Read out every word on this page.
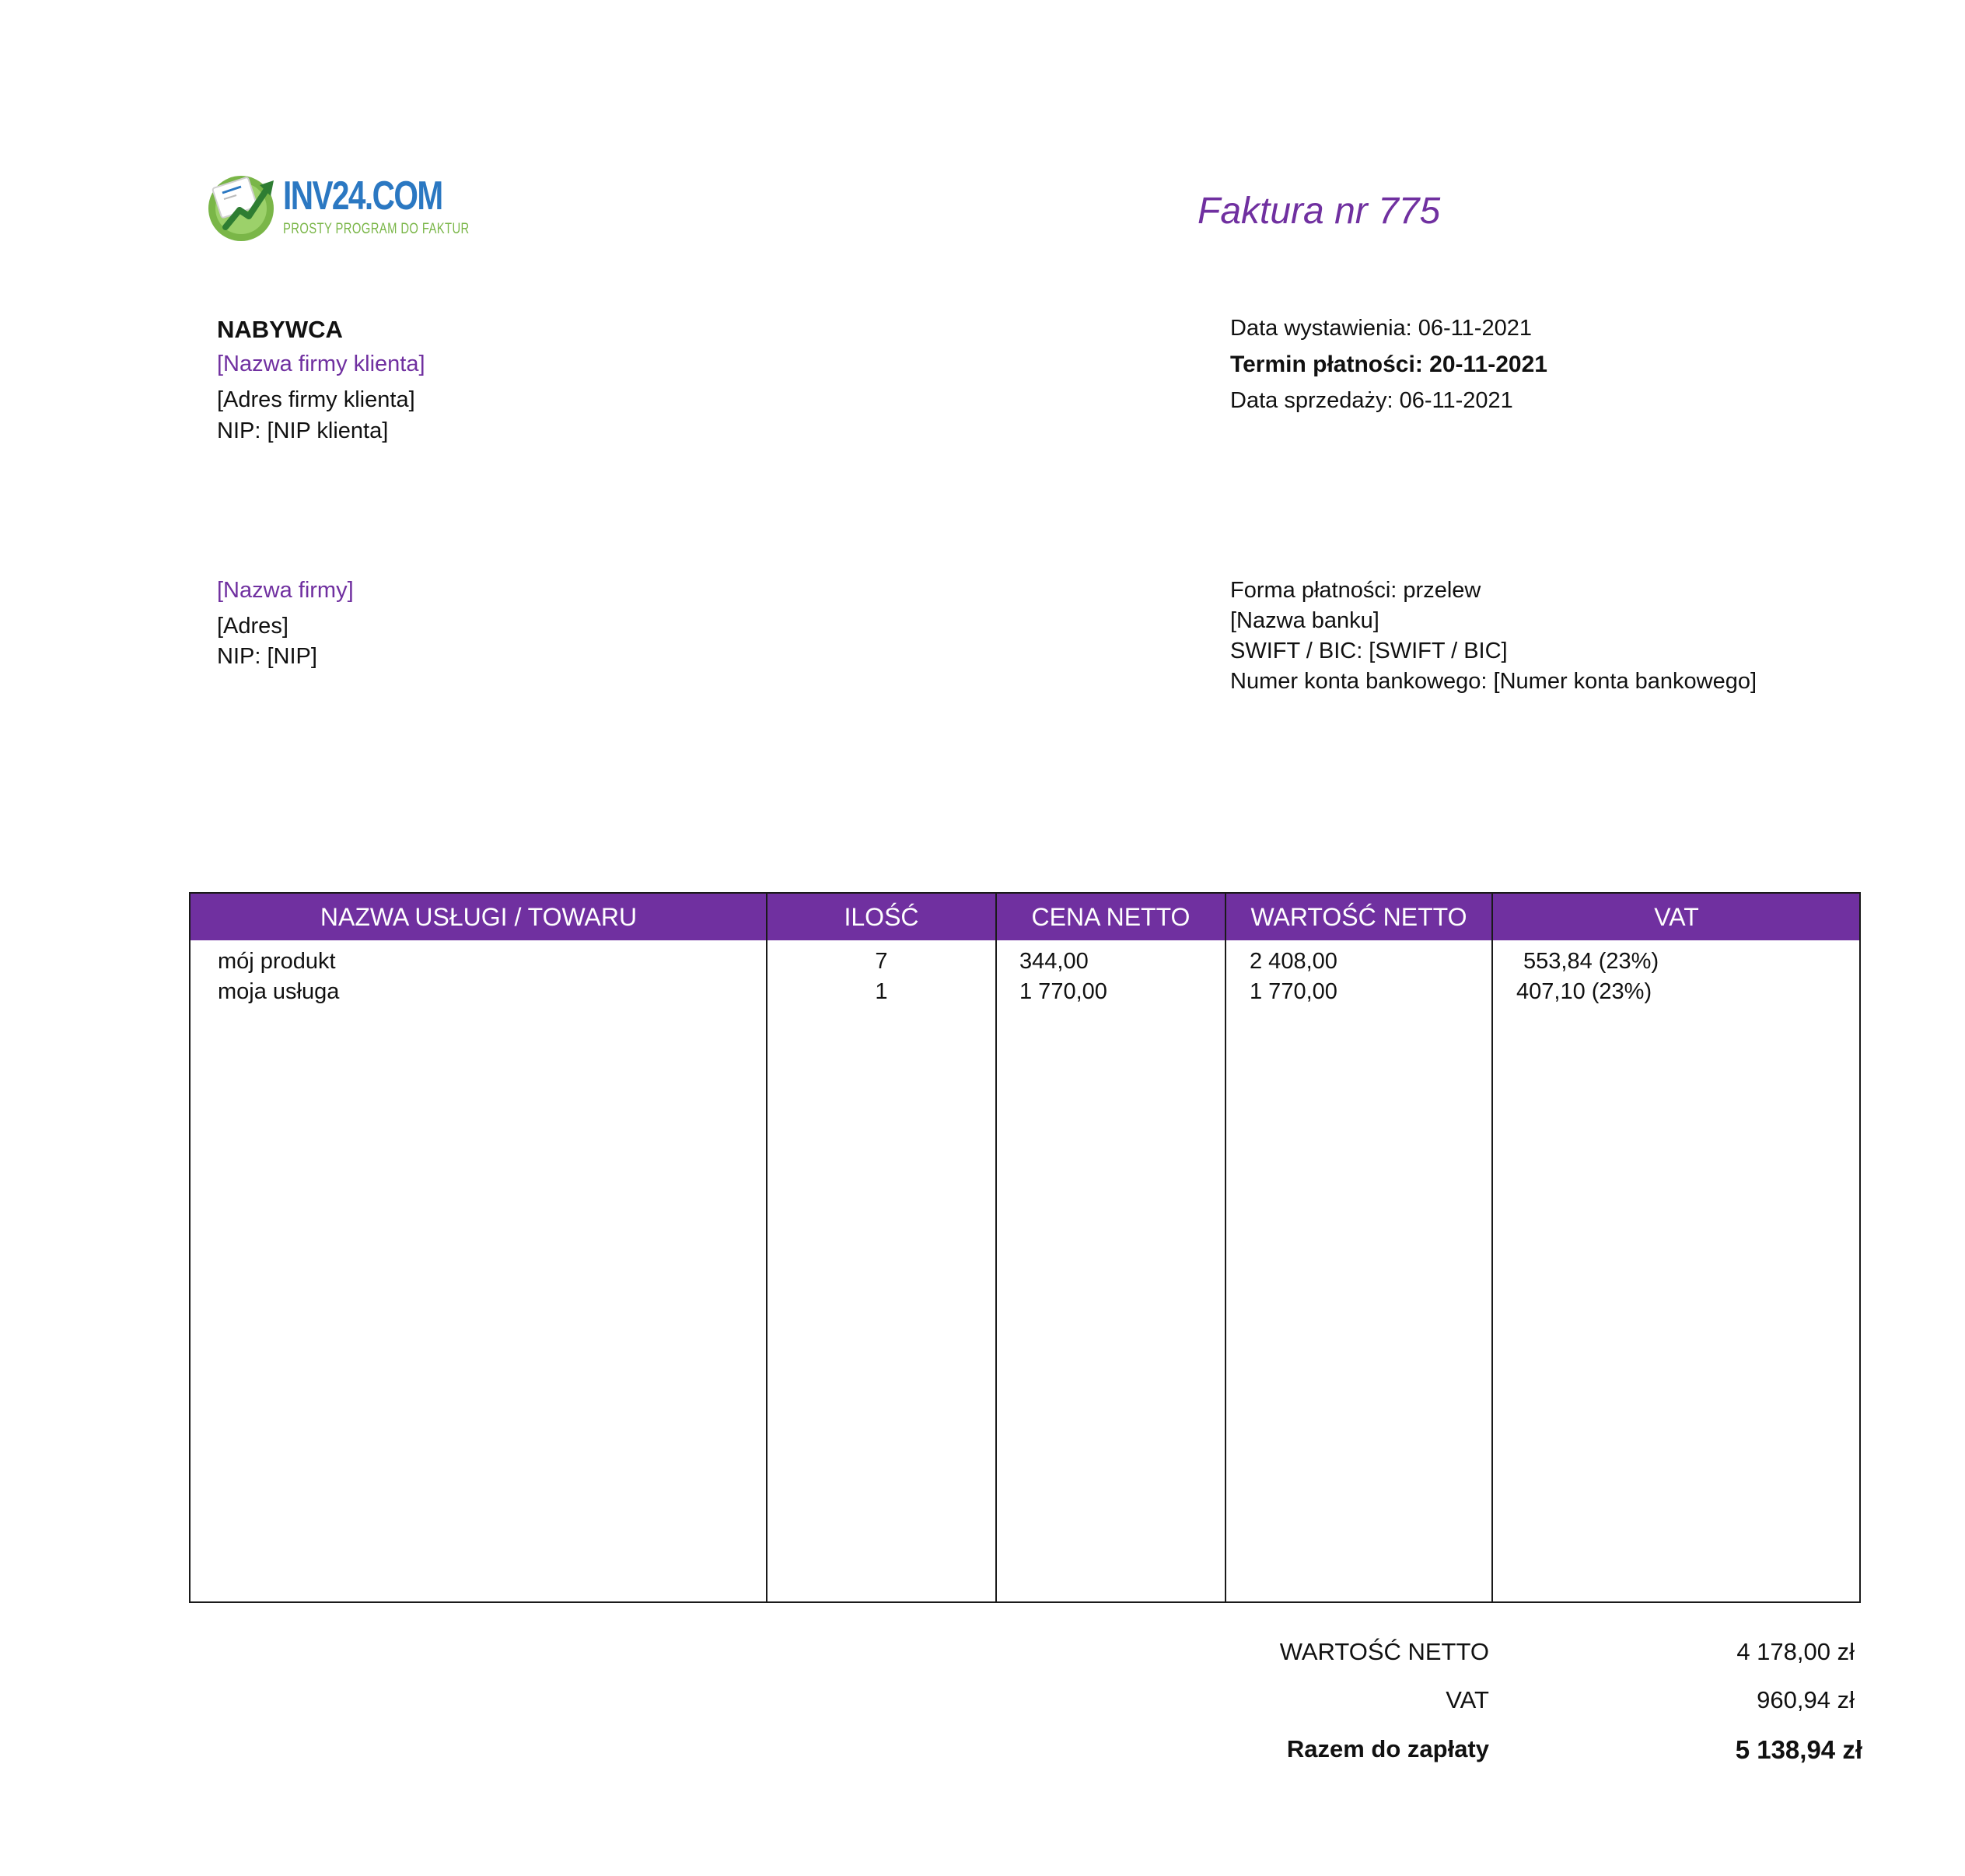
INV24.COM
PROSTY PROGRAM DO FAKTUR	Faktura nr 775
NABYWCA
[Nazwa firmy klienta]
[Adres firmy klienta]
NIP: [NIP klienta]
Data wystawienia: 06-11-2021
Termin płatności: 20-11-2021
Data sprzedaży: 06-11-2021
[Nazwa firmy]
[Adres]
NIP: [NIP]
Forma płatności: przelew
[Nazwa banku]
SWIFT / BIC: [SWIFT / BIC]
Numer konta bankowego: [Numer konta bankowego]
NAZWA USŁUGI / TOWARU	ILOŚĆ	CENA NETTO	WARTOŚĆ NETTO	VAT
mój produkt	7	344,00	2 408,00	553,84 (23%)
moja usługa	1	1 770,00	1 770,00	407,10 (23%)
WARTOŚĆ NETTO	4 178,00 zł
VAT	960,94 zł
Razem do zapłaty	5 138,94 zł
